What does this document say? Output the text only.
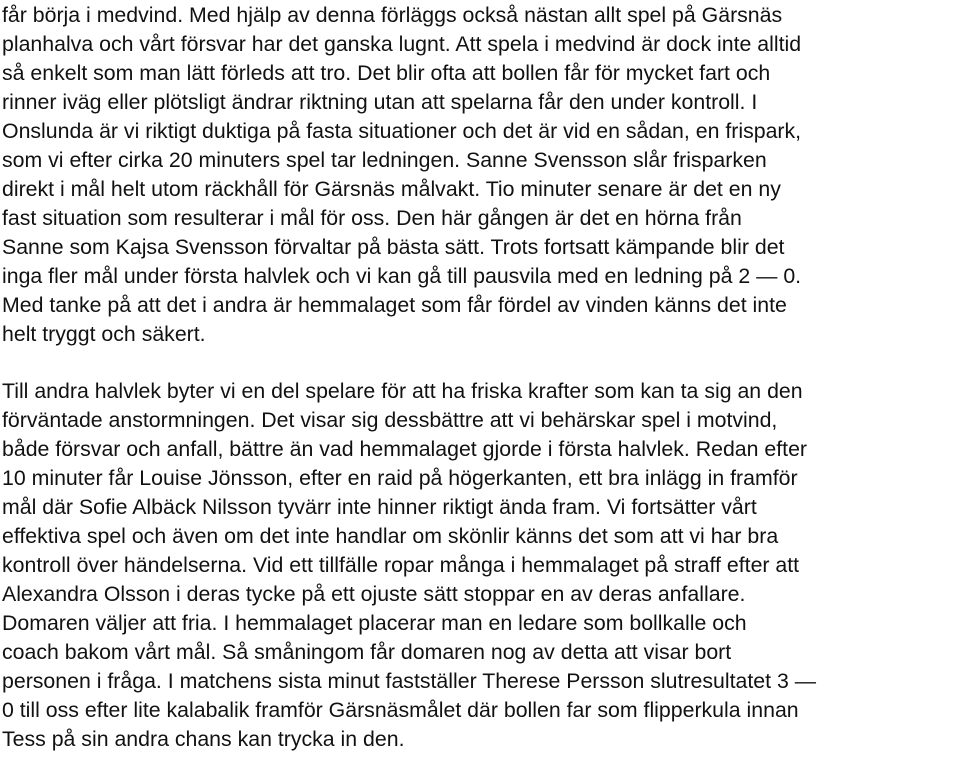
får börja i medvind. Med hjälp av denna förläggs också nästan allt spel på Gärsnäs
planhalva och vårt försvar har det ganska lugnt. Att spela i medvind är dock inte alltid
så enkelt som man lätt förleds att tro. Det blir ofta att bollen får för mycket fart och
rinner iväg eller plötsligt ändrar riktning utan att spelarna får den under kontroll. I
Onslunda är vi riktigt duktiga på fasta situationer och det är vid en sådan, en frispark,
som vi efter cirka 20 minuters spel tar ledningen. Sanne Svensson slår frisparken
direkt i mål helt utom räckhåll för Gärsnäs målvakt. Tio minuter senare är det en ny
fast situation som resulterar i mål för oss. Den här gången är det en hörna från
Sanne som Kajsa Svensson förvaltar på bästa sätt. Trots fortsatt kämpande blir det
inga fler mål under första halvlek och vi kan gå till pausvila med en ledning på 2 — 0.
Med tanke på att det i andra är hemmalaget som får fördel av vinden känns det inte
helt tryggt och säkert.
Till andra halvlek byter vi en del spelare för att ha friska krafter som kan ta sig an den
förväntade anstormningen. Det visar sig dessbättre att vi behärskar spel i motvind,
både försvar och anfall, bättre än vad hemmalaget gjorde i första halvlek. Redan efter
10 minuter får Louise Jönsson, efter en raid på högerkanten, ett bra inlägg in framför
mål där Sofie Albäck Nilsson tyvärr inte hinner riktigt ända fram. Vi fortsätter vårt
effektiva spel och även om det inte handlar om skönlir känns det som att vi har bra
kontroll över händelserna. Vid ett tillfälle ropar många i hemmalaget på straff efter att
Alexandra Olsson i deras tycke på ett ojuste sätt stoppar en av deras anfallare.
Domaren väljer att fria. I hemmalaget placerar man en ledare som bollkalle och
coach bakom vårt mål. Så småningom får domaren nog av detta att visar bort
personen i fråga. I matchens sista minut fastställer Therese Persson slutresultatet 3 —
0 till oss efter lite kalabalik framför Gärsnäsmålet där bollen far som flipperkula innan
Tess på sin andra chans kan trycka in den.
